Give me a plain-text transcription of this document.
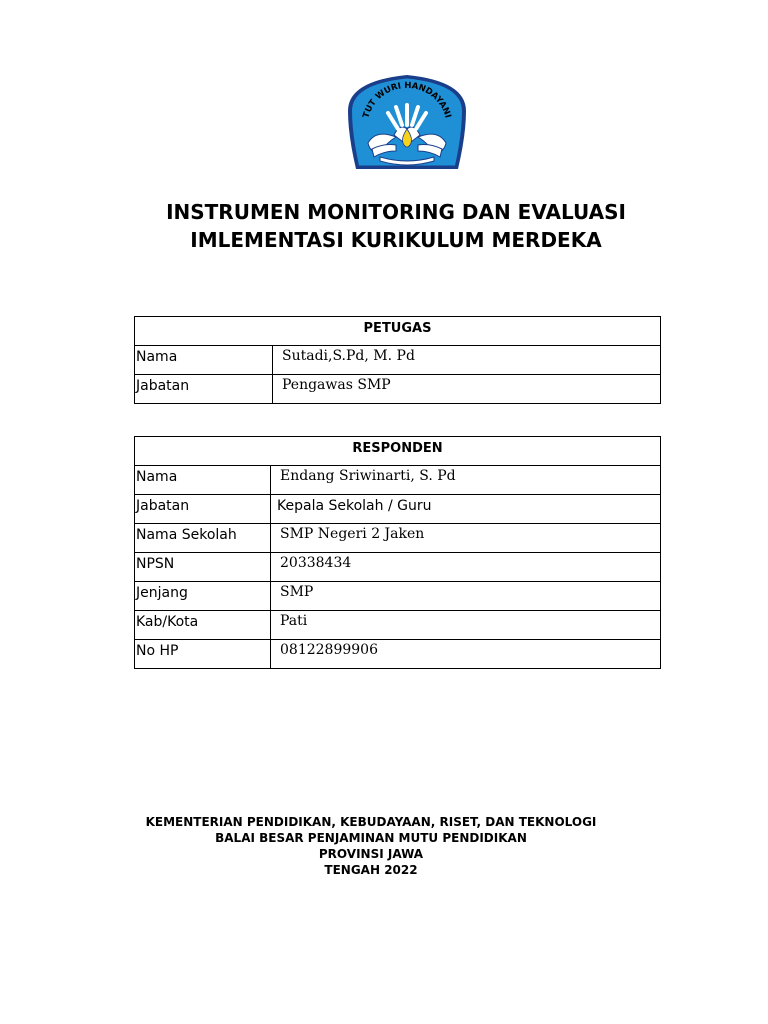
TUT WURI HANDAYANI
INSTRUMEN MONITORING DAN EVALUASI
IMLEMENTASI KURIKULUM MERDEKA
PETUGAS	
Nama	Sutadi,S.Pd, M. Pd
Jabatan	Pengawas SMP
RESPONDEN	
Nama	Endang Sriwinarti, S. Pd
Jabatan	Kepala Sekolah / Guru
Nama Sekolah	SMP Negeri 2 Jaken
NPSN	20338434
Jenjang	SMP
Kab/Kota	Pati
No HP	08122899906
KEMENTERIAN PENDIDIKAN, KEBUDAYAAN, RISET, DAN TEKNOLOGI
BALAI BESAR PENJAMINAN MUTU PENDIDIKAN
PROVINSI JAWA
TENGAH 2022
